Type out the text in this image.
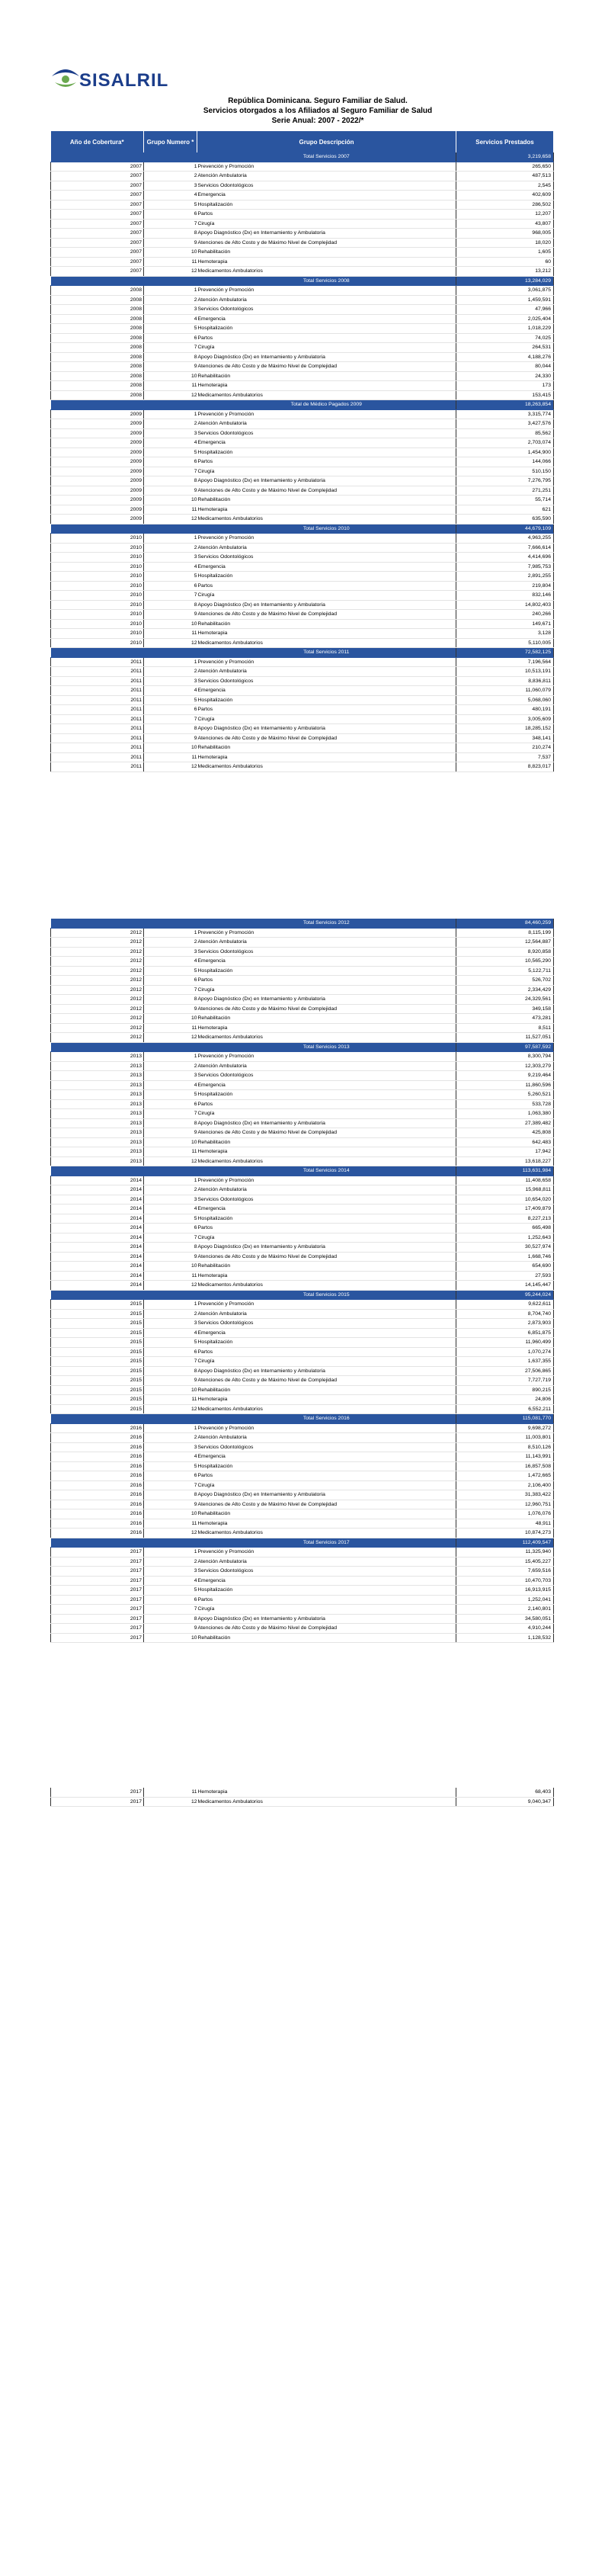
SISALRIL
República Dominicana. Seguro Familiar de Salud.
Servicios otorgados a los Afiliados al Seguro Familiar de Salud
Serie Anual: 2007 - 2022/*
Año de Cobertura*	Grupo Numero *	Grupo Descripción	Servicios Prestados
		Total Servicios 2007	3,219,658
2007	1	Prevención y Promoción	265,650
2007	2	Atención Ambulatoria	487,513
2007	3	Servicios Odontológicos	2,545
2007	4	Emergencia	402,609
2007	5	Hospitalización	286,502
2007	6	Partos	12,207
2007	7	Cirugía	43,807
2007	8	Apoyo Diagnóstico (Dx) en Internamiento y Ambulatoria	968,005
2007	9	Atenciones de Alto Costo y de Máximo Nivel de Complejidad	18,020
2007	10	Rehabilitación	1,605
2007	11	Hemoterapia	60
2007	12	Medicamentos Ambulatorios	13,212
		Total Servicios 2008	13,284,029
2008	1	Prevención y Promoción	3,061,875
2008	2	Atención Ambulatoria	1,459,591
2008	3	Servicios Odontológicos	47,966
2008	4	Emergencia	2,025,404
2008	5	Hospitalización	1,018,229
2008	6	Partos	74,025
2008	7	Cirugía	264,531
2008	8	Apoyo Diagnóstico (Dx) en Internamiento y Ambulatoria	4,188,276
2008	9	Atenciones de Alto Costo y de Máximo Nivel de Complejidad	80,044
2008	10	Rehabilitación	24,330
2008	11	Hemoterapia	173
2008	12	Medicamentos Ambulatorios	153,415
		Total de Médico Pagados 2009	18,263,854
2009	1	Prevención y Promoción	3,315,774
2009	2	Atención Ambulatoria	3,427,576
2009	3	Servicios Odontológicos	85,562
2009	4	Emergencia	2,703,074
2009	5	Hospitalización	1,454,900
2009	6	Partos	144,066
2009	7	Cirugía	510,150
2009	8	Apoyo Diagnóstico (Dx) en Internamiento y Ambulatoria	7,276,795
2009	9	Atenciones de Alto Costo y de Máximo Nivel de Complejidad	271,251
2009	10	Rehabilitación	55,714
2009	11	Hemoterapia	621
2009	12	Medicamentos Ambulatorios	635,590
		Total Servicios 2010	44,679,109
2010	1	Prevención y Promoción	4,963,255
2010	2	Atención Ambulatoria	7,666,614
2010	3	Servicios Odontológicos	4,414,696
2010	4	Emergencia	7,985,753
2010	5	Hospitalización	2,891,255
2010	6	Partos	219,804
2010	7	Cirugía	832,146
2010	8	Apoyo Diagnóstico (Dx) en Internamiento y Ambulatoria	14,802,403
2010	9	Atenciones de Alto Costo y de Máximo Nivel de Complejidad	240,266
2010	10	Rehabilitación	149,671
2010	11	Hemoterapia	3,128
2010	12	Medicamentos Ambulatorios	5,110,005
		Total Servicios 2011	72,582,125
2011	1	Prevención y Promoción	7,196,564
2011	2	Atención Ambulatoria	10,513,191
2011	3	Servicios Odontológicos	8,836,811
2011	4	Emergencia	11,060,079
2011	5	Hospitalización	5,068,060
2011	6	Partos	480,191
2011	7	Cirugía	3,005,609
2011	8	Apoyo Diagnóstico (Dx) en Internamiento y Ambulatoria	18,285,152
2011	9	Atenciones de Alto Costo y de Máximo Nivel de Complejidad	348,141
2011	10	Rehabilitación	210,274
2011	11	Hemoterapia	7,537
2011	12	Medicamentos Ambulatorios	8,823,017
		Total Servicios 2012	84,460,259
2012	1	Prevención y Promoción	8,115,199
2012	2	Atención Ambulatoria	12,564,887
2012	3	Servicios Odontológicos	8,920,858
2012	4	Emergencia	10,565,290
2012	5	Hospitalización	5,122,711
2012	6	Partos	526,702
2012	7	Cirugía	2,334,429
2012	8	Apoyo Diagnóstico (Dx) en Internamiento y Ambulatoria	24,329,561
2012	9	Atenciones de Alto Costo y de Máximo Nivel de Complejidad	349,158
2012	10	Rehabilitación	473,281
2012	11	Hemoterapia	8,511
2012	12	Medicamentos Ambulatorios	11,527,051
		Total Servicios 2013	97,587,592
2013	1	Prevención y Promoción	8,300,794
2013	2	Atención Ambulatoria	12,303,279
2013	3	Servicios Odontológicos	9,219,464
2013	4	Emergencia	11,860,596
2013	5	Hospitalización	5,260,521
2013	6	Partos	533,728
2013	7	Cirugía	1,063,380
2013	8	Apoyo Diagnóstico (Dx) en Internamiento y Ambulatoria	27,389,482
2013	9	Atenciones de Alto Costo y de Máximo Nivel de Complejidad	425,808
2013	10	Rehabilitación	642,483
2013	11	Hemoterapia	17,942
2013	12	Medicamentos Ambulatorios	13,618,227
		Total Servicios 2014	113,631,984
2014	1	Prevención y Promoción	11,408,658
2014	2	Atención Ambulatoria	15,968,811
2014	3	Servicios Odontológicos	10,654,020
2014	4	Emergencia	17,409,879
2014	5	Hospitalización	8,227,213
2014	6	Partos	665,498
2014	7	Cirugía	1,252,643
2014	8	Apoyo Diagnóstico (Dx) en Internamiento y Ambulatoria	30,527,974
2014	9	Atenciones de Alto Costo y de Máximo Nivel de Complejidad	1,668,746
2014	10	Rehabilitación	654,690
2014	11	Hemoterapia	27,593
2014	12	Medicamentos Ambulatorios	14,145,447
		Total Servicios 2015	95,244,024
2015	1	Prevención y Promoción	9,622,611
2015	2	Atención Ambulatoria	8,704,740
2015	3	Servicios Odontológicos	2,873,903
2015	4	Emergencia	6,851,875
2015	5	Hospitalización	11,960,499
2015	6	Partos	1,070,274
2015	7	Cirugía	1,637,355
2015	8	Apoyo Diagnóstico (Dx) en Internamiento y Ambulatoria	27,506,865
2015	9	Atenciones de Alto Costo y de Máximo Nivel de Complejidad	7,727,719
2015	10	Rehabilitación	890,215
2015	11	Hemoterapia	24,806
2015	12	Medicamentos Ambulatorios	6,552,211
		Total Servicios 2016	115,081,770
2016	1	Prevención y Promoción	9,698,272
2016	2	Atención Ambulatoria	11,003,801
2016	3	Servicios Odontológicos	8,510,126
2016	4	Emergencia	11,143,991
2016	5	Hospitalización	16,857,508
2016	6	Partos	1,472,665
2016	7	Cirugía	2,106,400
2016	8	Apoyo Diagnóstico (Dx) en Internamiento y Ambulatoria	31,383,422
2016	9	Atenciones de Alto Costo y de Máximo Nivel de Complejidad	12,960,751
2016	10	Rehabilitación	1,076,076
2016	11	Hemoterapia	48,911
2016	12	Medicamentos Ambulatorios	10,874,273
		Total Servicios 2017	112,409,547
2017	1	Prevención y Promoción	11,325,940
2017	2	Atención Ambulatoria	15,405,227
2017	3	Servicios Odontológicos	7,659,516
2017	4	Emergencia	10,470,703
2017	5	Hospitalización	16,913,915
2017	6	Partos	1,252,041
2017	7	Cirugía	2,140,801
2017	8	Apoyo Diagnóstico (Dx) en Internamiento y Ambulatoria	34,580,051
2017	9	Atenciones de Alto Costo y de Máximo Nivel de Complejidad	4,910,244
2017	10	Rehabilitación	1,128,532
2017	11	Hemoterapia	68,403
2017	12	Medicamentos Ambulatorios	9,040,347
